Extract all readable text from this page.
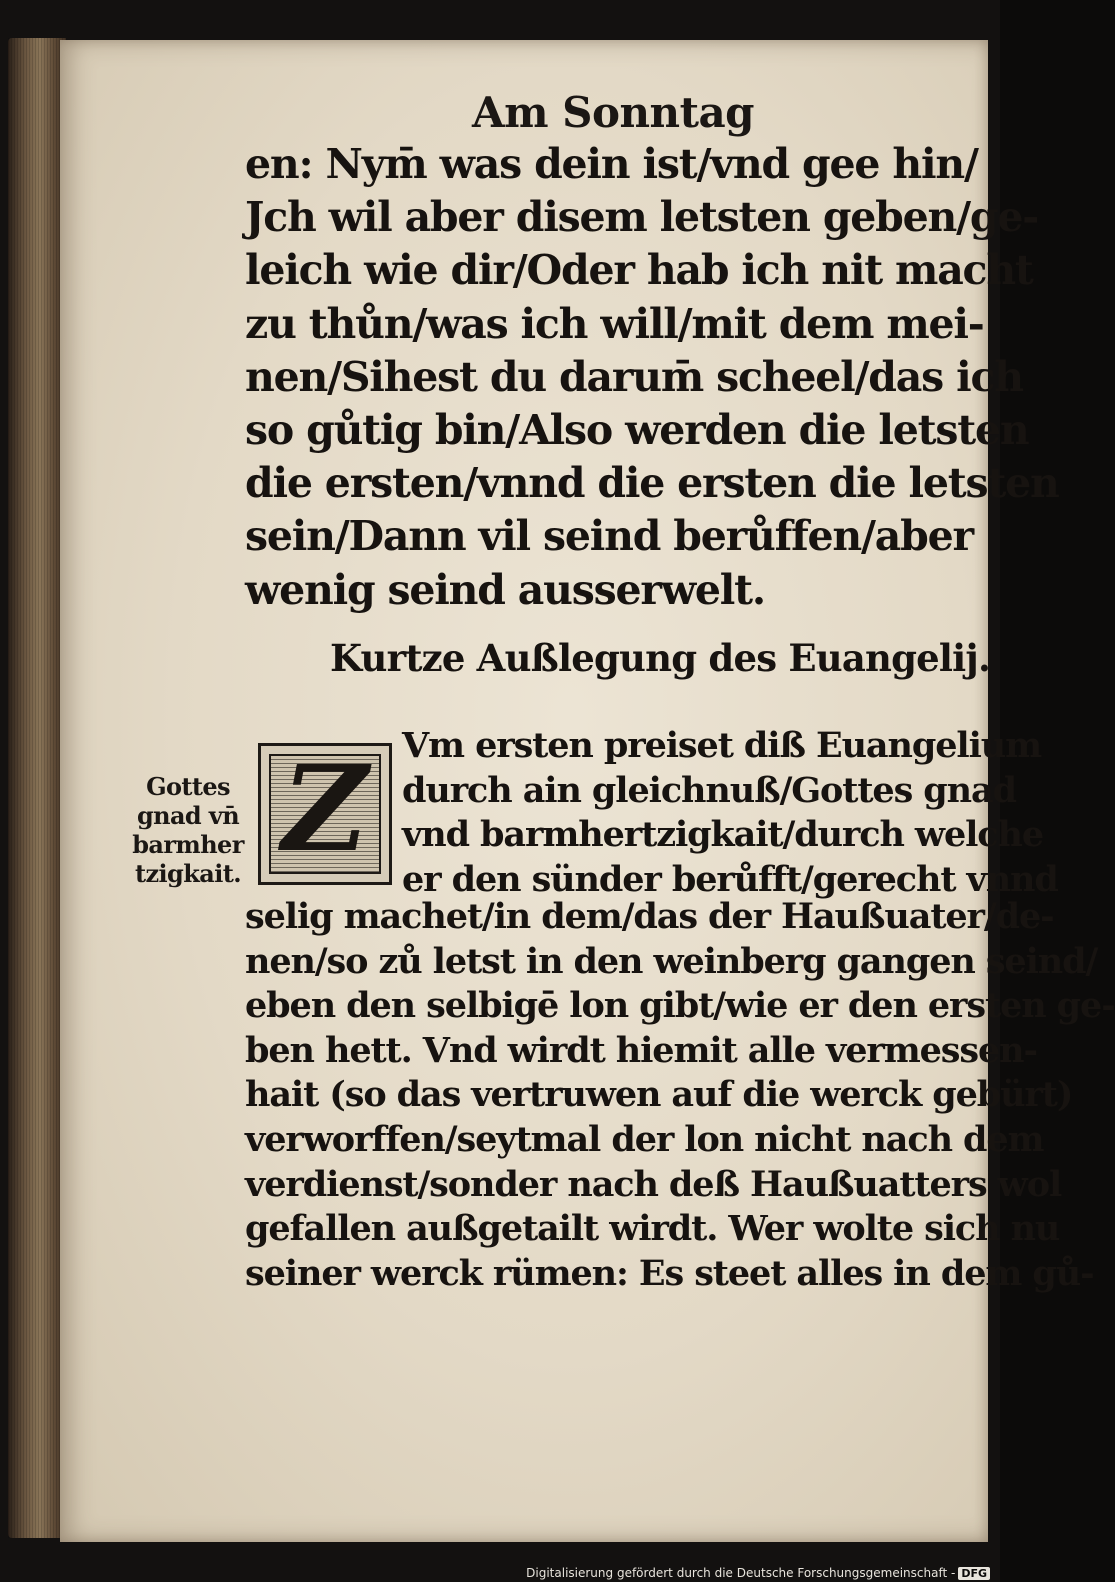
Am Sonntag
en: Nym̄ was dein ist/vnd gee hin/
Jch wil aber disem letsten geben/ge-
leich wie dir/Oder hab ich nit macht
zu thůn/was ich will/mit dem mei-
nen/Sihest du darum̄ scheel/das ich
so gůtig bin/Also werden die letsten
die ersten/vnnd die ersten die letsten
sein/Dann vil seind berůffen/aber
wenig seind ausserwelt.
Kurtze Außlegung des Euangelij.
Z Vm ersten preiset diß Euangelium
durch ain gleichnuß/Gottes gnad
vnd barmhertzigkait/durch welche
er den sünder berůfft/gerecht vnnd
Gottes
gnad vn̄
barmher
tzigkait.
selig machet/in dem/das der Haußuater/de-
nen/so zů letst in den weinberg gangen seind/
eben den selbigē lon gibt/wie er den ersten ge-
ben hett. Vnd wirdt hiemit alle vermessen-
hait (so das vertruwen auf die werck gebürt)
verworffen/seytmal der lon nicht nach dem
verdienst/sonder nach deß Haußuatters wol
gefallen außgetailt wirdt. Wer wolte sich nu
seiner werck rümen: Es steet alles in dem gů-
Digitalisierung gefördert durch die Deutsche Forschungsgemeinschaft - DFG
